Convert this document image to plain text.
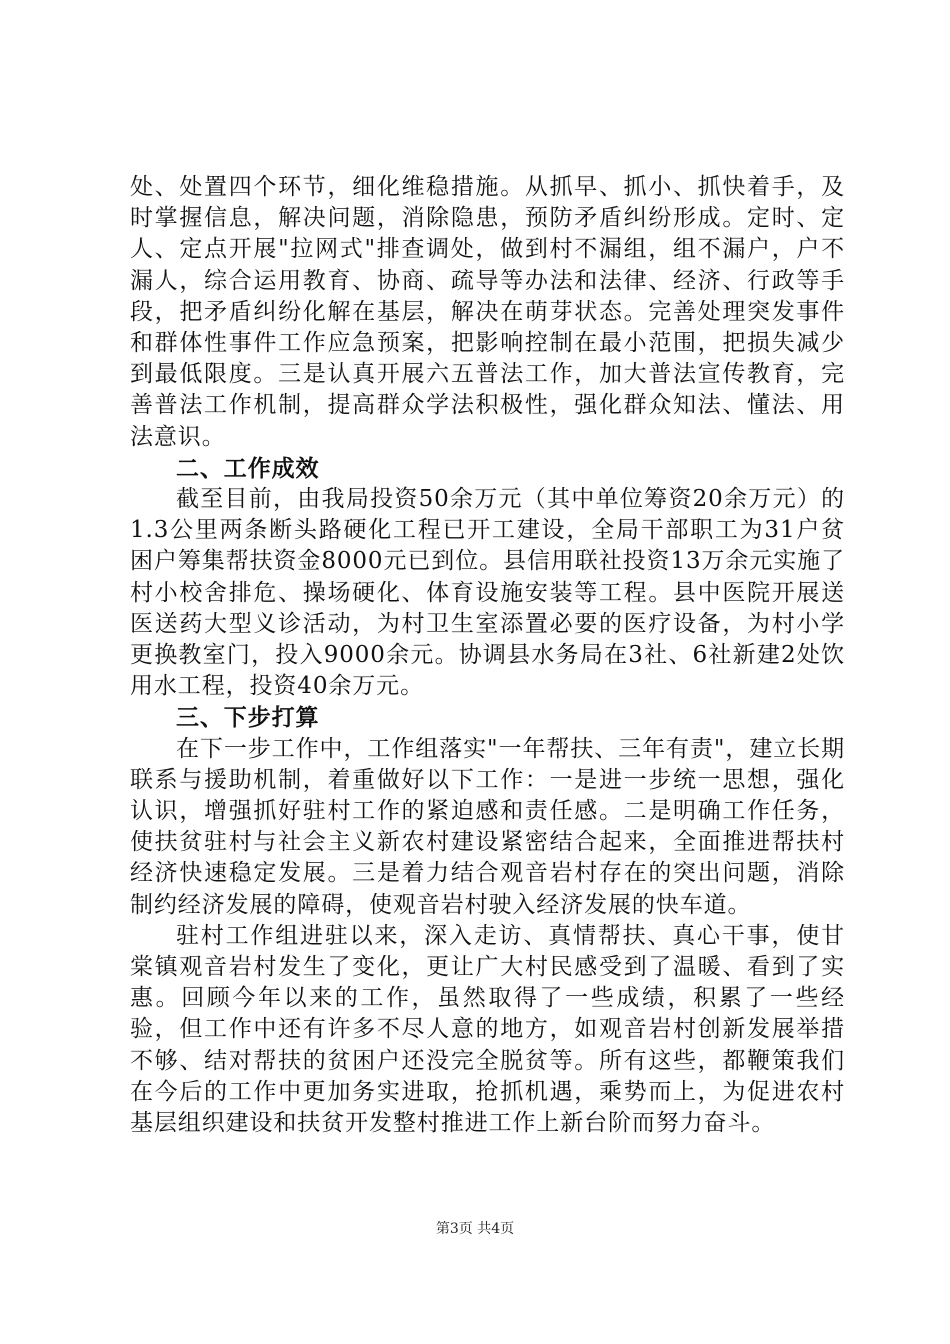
处、处置四个环节，细化维稳措施。从抓早、抓小、抓快着手，及时掌握信息，解决问题，消除隐患，预防矛盾纠纷形成。定时、定人、定点开展"拉网式"排查调处，做到村不漏组，组不漏户，户不漏人，综合运用教育、协商、疏导等办法和法律、经济、行政等手段，把矛盾纠纷化解在基层，解决在萌芽状态。完善处理突发事件和群体性事件工作应急预案，把影响控制在最小范围，把损失减少到最低限度。三是认真开展六五普法工作，加大普法宣传教育，完善普法工作机制，提高群众学法积极性，强化群众知法、懂法、用法意识。

二、工作成效

截至目前，由我局投资50余万元（其中单位筹资20余万元）的1.3公里两条断头路硬化工程已开工建设，全局干部职工为31户贫困户筹集帮扶资金8000元已到位。县信用联社投资13万余元实施了村小校舍排危、操场硬化、体育设施安装等工程。县中医院开展送医送药大型义诊活动，为村卫生室添置必要的医疗设备，为村小学更换教室门，投入9000余元。协调县水务局在3社、6社新建2处饮用水工程，投资40余万元。

三、下步打算

在下一步工作中，工作组落实"一年帮扶、三年有责"，建立长期联系与援助机制，着重做好以下工作：一是进一步统一思想，强化认识，增强抓好驻村工作的紧迫感和责任感。二是明确工作任务，使扶贫驻村与社会主义新农村建设紧密结合起来，全面推进帮扶村经济快速稳定发展。三是着力结合观音岩村存在的突出问题，消除制约经济发展的障碍，使观音岩村驶入经济发展的快车道。

驻村工作组进驻以来，深入走访、真情帮扶、真心干事，使甘棠镇观音岩村发生了变化，更让广大村民感受到了温暖、看到了实惠。回顾今年以来的工作，虽然取得了一些成绩，积累了一些经验，但工作中还有许多不尽人意的地方，如观音岩村创新发展举措不够、结对帮扶的贫困户还没完全脱贫等。所有这些，都鞭策我们在今后的工作中更加务实进取，抢抓机遇，乘势而上，为促进农村基层组织建设和扶贫开发整村推进工作上新台阶而努力奋斗。

第3页 共4页
